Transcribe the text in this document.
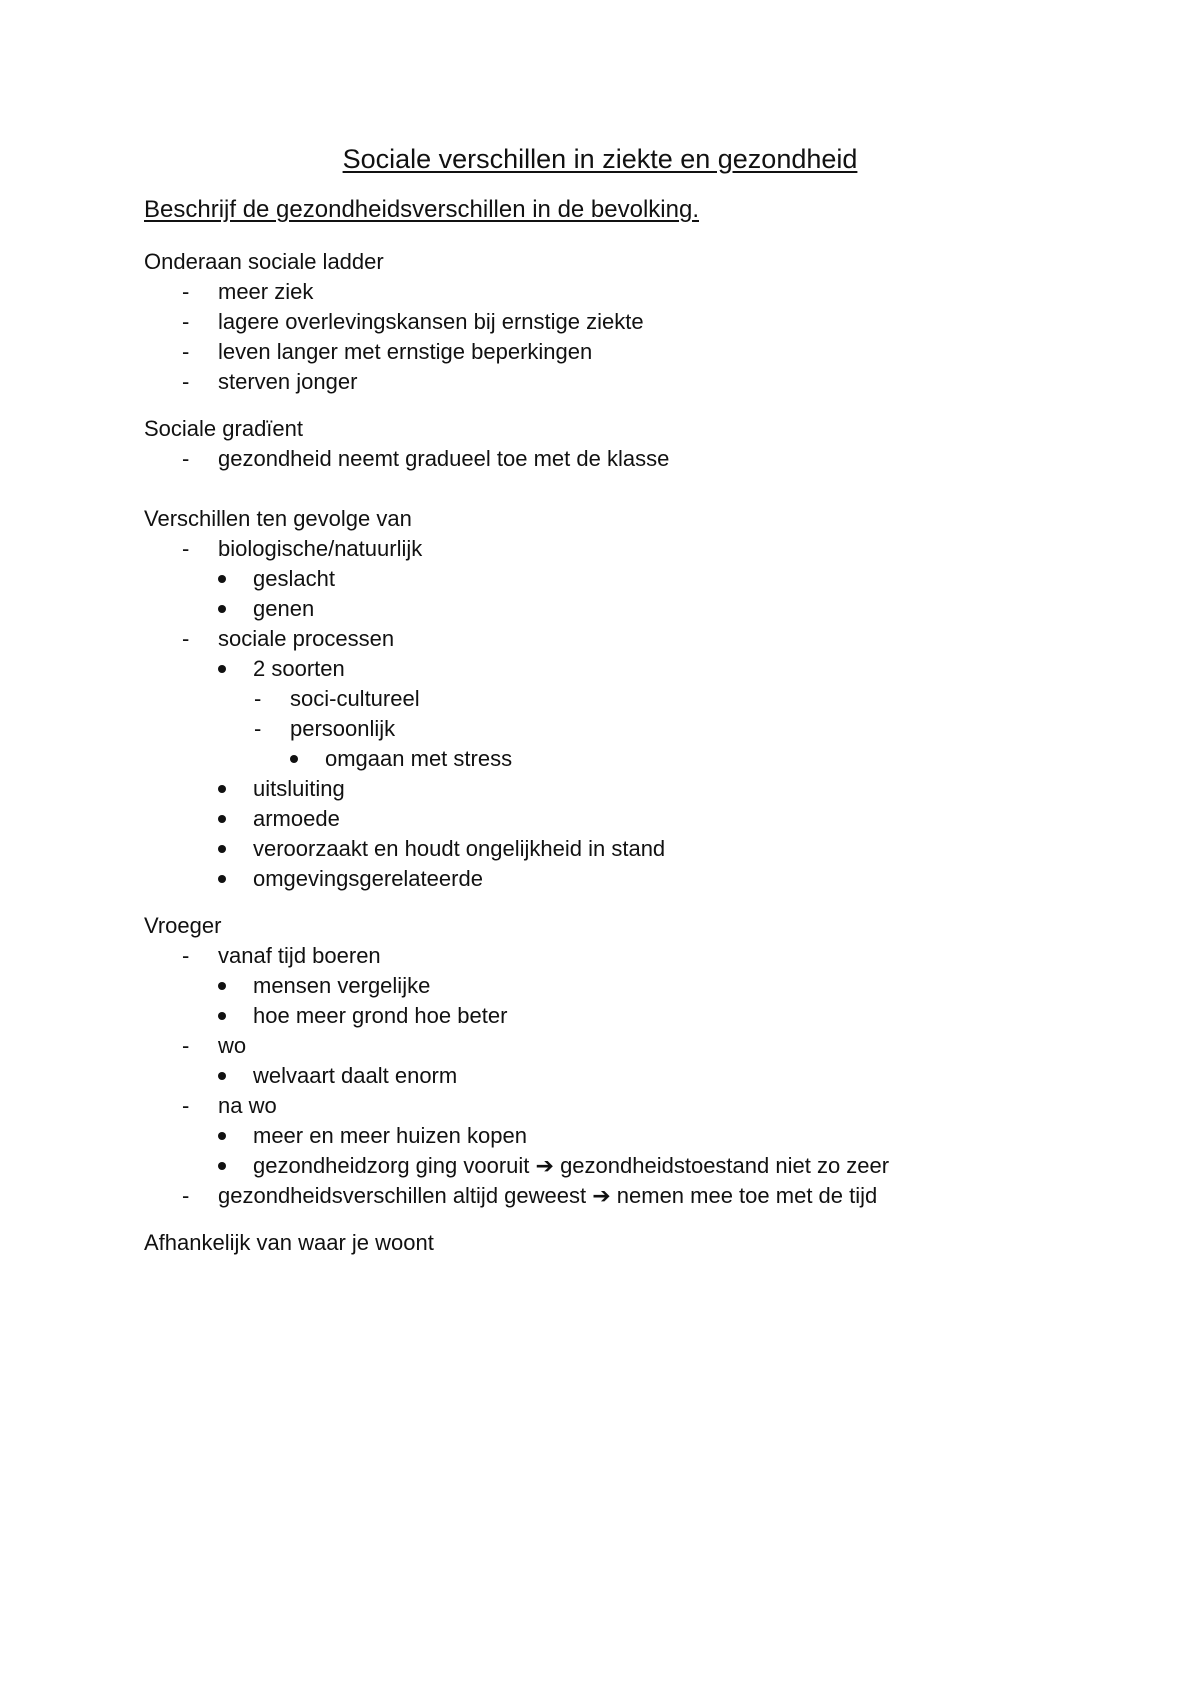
Sociale verschillen in ziekte en gezondheid
Beschrijf de gezondheidsverschillen in de bevolking.
Onderaan sociale ladder
- meer ziek
- lagere overlevingskansen bij ernstige ziekte
- leven langer met ernstige beperkingen
- sterven jonger
Sociale gradïent
- gezondheid neemt gradueel toe met de klasse
Verschillen ten gevolge van
- biologische/natuurlijk
geslacht
genen
- sociale processen
2 soorten
- soci-cultureel
- persoonlijk
omgaan met stress
uitsluiting
armoede
veroorzaakt en houdt ongelijkheid in stand
omgevingsgerelateerde
Vroeger
- vanaf tijd boeren
mensen vergelijke
hoe meer grond hoe beter
- wo
welvaart daalt enorm
- na wo
meer en meer huizen kopen
gezondheidzorg ging vooruit ➔ gezondheidstoestand niet zo zeer
- gezondheidsverschillen altijd geweest ➔ nemen mee toe met de tijd
Afhankelijk van waar je woont
